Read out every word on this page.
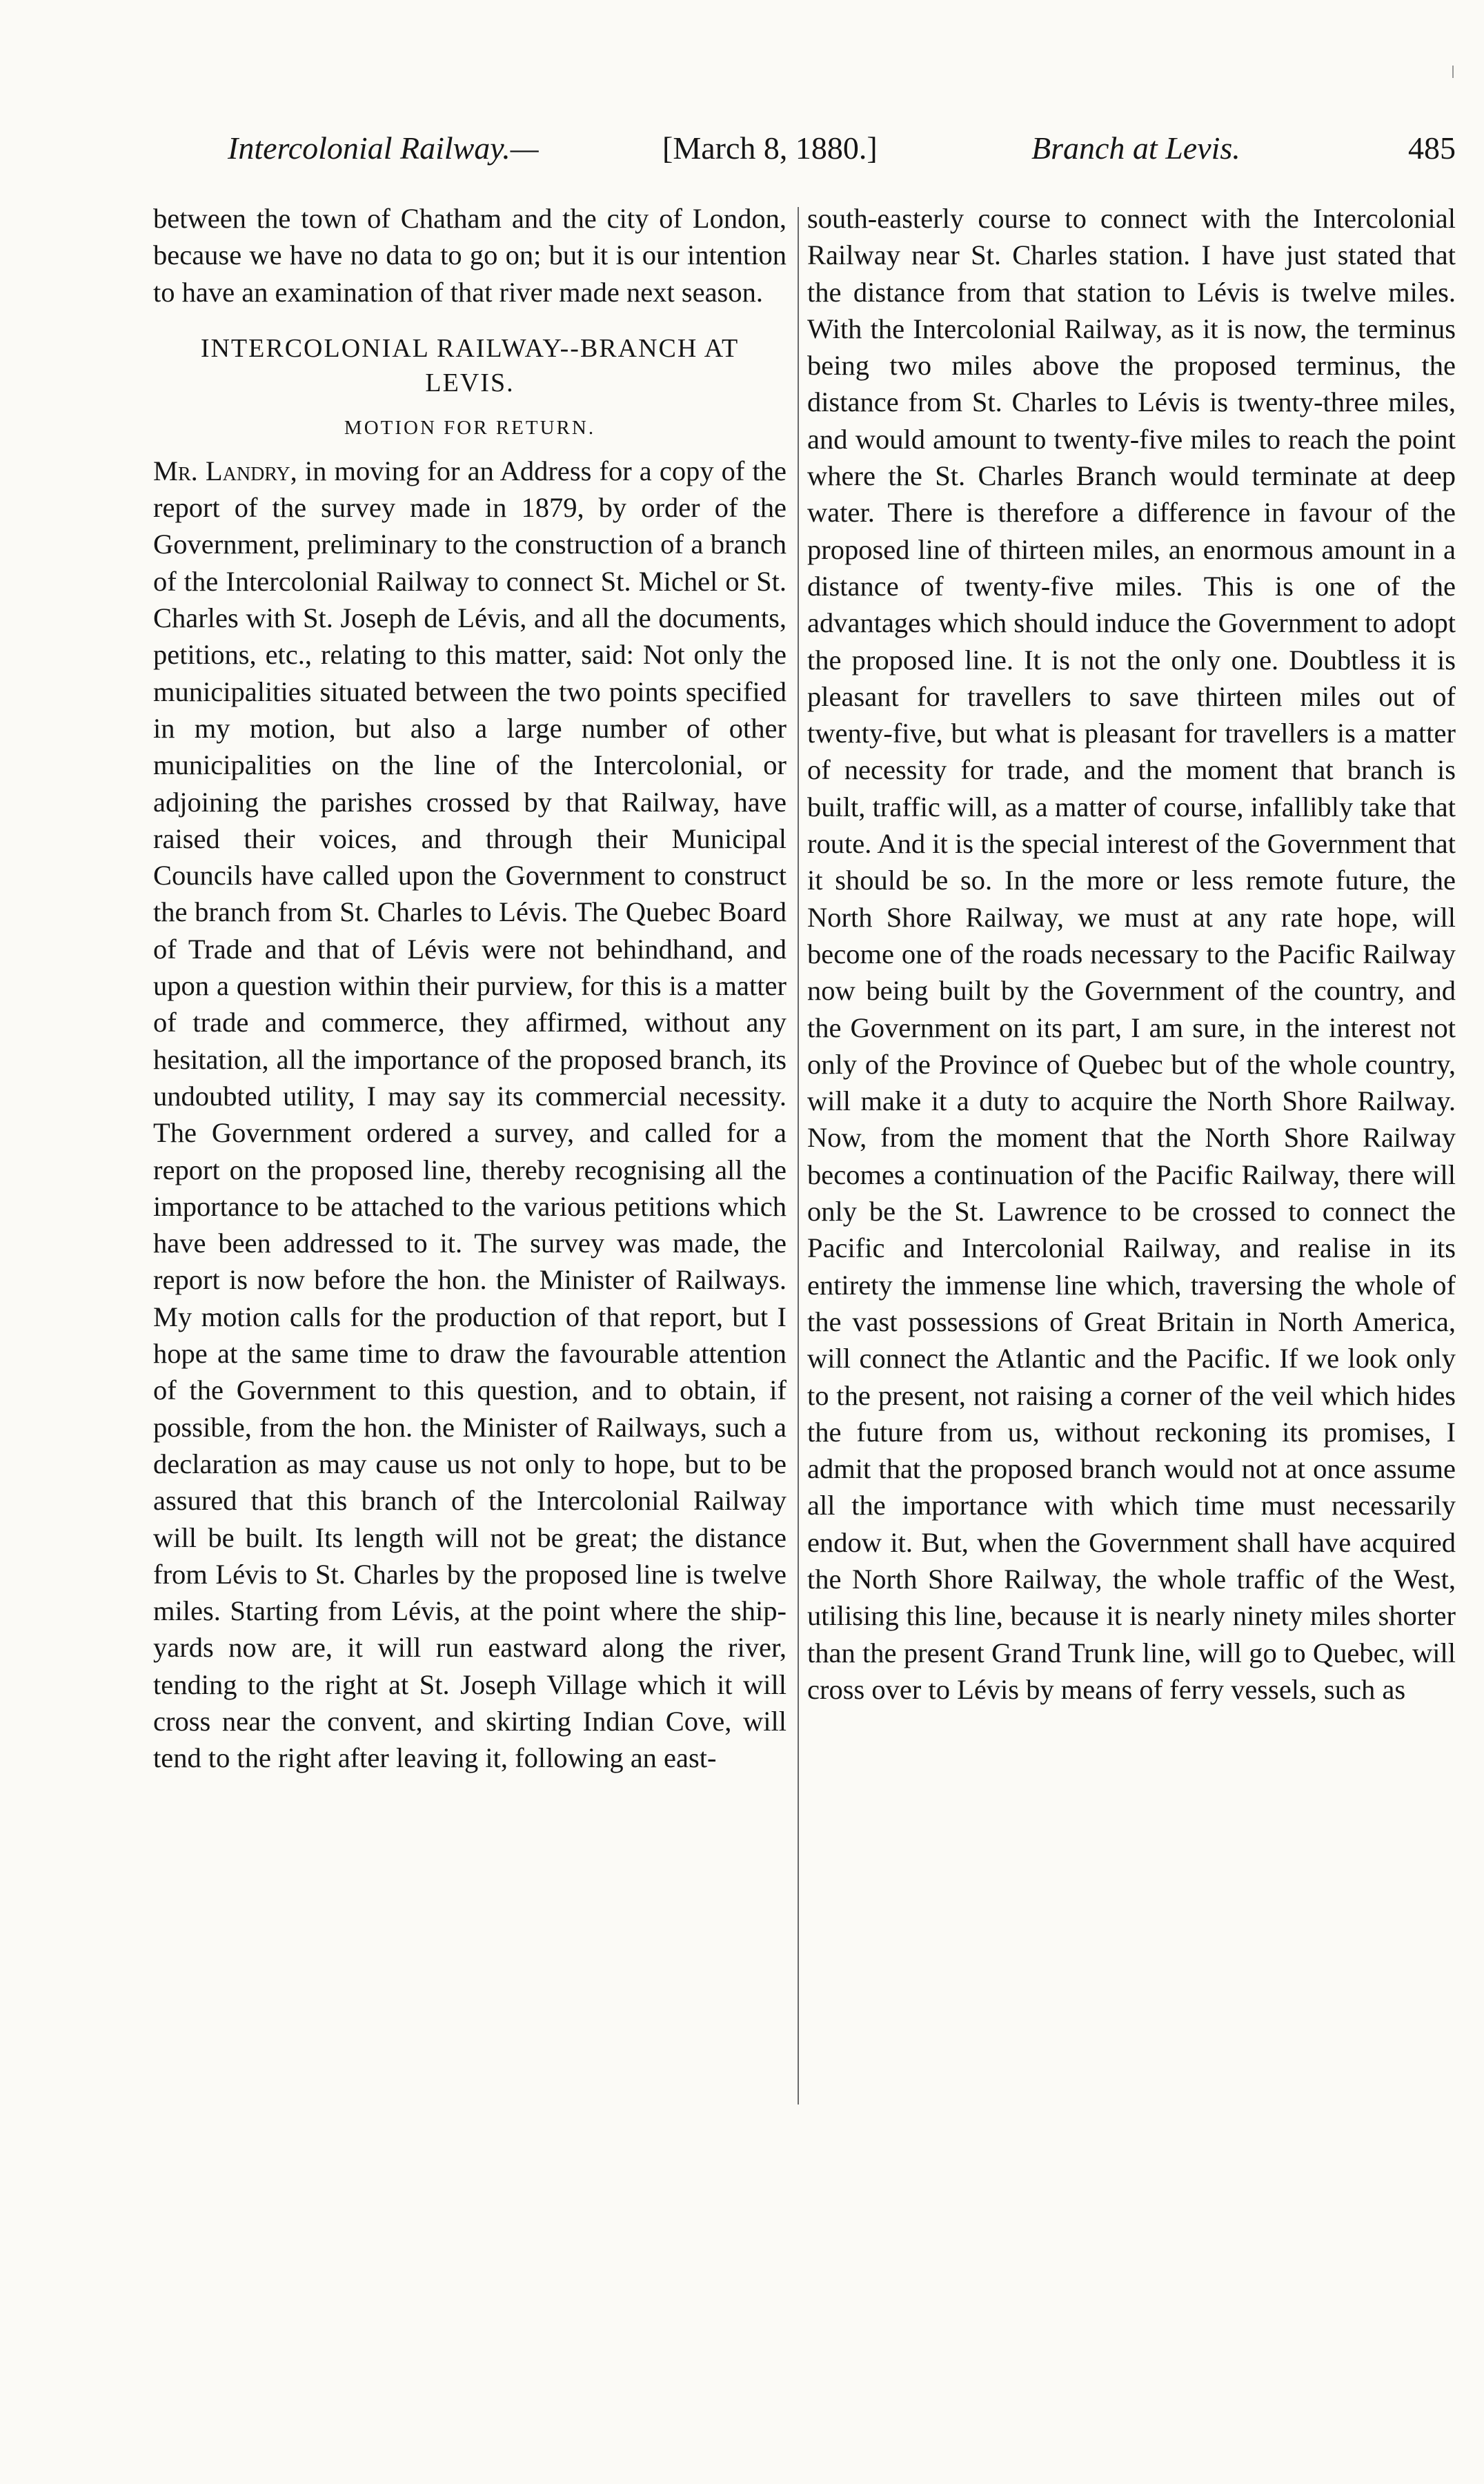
Intercolonial Railway.—	[March 8, 1880.]	Branch at Levis.	485

between the town of Chatham and the city of London, because we have no data to go on; but it is our intention to have an examination of that river made next season.

INTERCOLONIAL RAILWAY--BRANCH AT LEVIS.
MOTION FOR RETURN.

Mr. Landry, in moving for an Address for a copy of the report of the survey made in 1879, by order of the Government, preliminary to the construction of a branch of the Intercolonial Railway to connect St. Michel or St. Charles with St. Joseph de Lévis, and all the documents, petitions, etc., relating to this matter, said: Not only the municipalities situated between the two points specified in my motion, but also a large number of other municipalities on the line of the Intercolonial, or adjoining the parishes crossed by that Railway, have raised their voices, and through their Municipal Councils have called upon the Government to construct the branch from St. Charles to Lévis. The Quebec Board of Trade and that of Lévis were not behindhand, and upon a question within their purview, for this is a matter of trade and commerce, they affirmed, without any hesitation, all the importance of the proposed branch, its undoubted utility, I may say its commercial necessity. The Government ordered a survey, and called for a report on the proposed line, thereby recognising all the importance to be attached to the various petitions which have been addressed to it. The survey was made, the report is now before the hon. the Minister of Railways. My motion calls for the production of that report, but I hope at the same time to draw the favourable attention of the Government to this question, and to obtain, if possible, from the hon. the Minister of Railways, such a declaration as may cause us not only to hope, but to be assured that this branch of the Intercolonial Railway will be built. Its length will not be great; the distance from Lévis to St. Charles by the proposed line is twelve miles. Starting from Lévis, at the point where the ship-yards now are, it will run eastward along the river, tending to the right at St. Joseph Village which it will cross near the convent, and skirting Indian Cove, will tend to the right after leaving it, following an east-

south-easterly course to connect with the Intercolonial Railway near St. Charles station. I have just stated that the distance from that station to Lévis is twelve miles. With the Intercolonial Railway, as it is now, the terminus being two miles above the proposed terminus, the distance from St. Charles to Lévis is twenty-three miles, and would amount to twenty-five miles to reach the point where the St. Charles Branch would terminate at deep water. There is therefore a difference in favour of the proposed line of thirteen miles, an enormous amount in a distance of twenty-five miles. This is one of the advantages which should induce the Government to adopt the proposed line. It is not the only one. Doubtless it is pleasant for travellers to save thirteen miles out of twenty-five, but what is pleasant for travellers is a matter of necessity for trade, and the moment that branch is built, traffic will, as a matter of course, infallibly take that route. And it is the special interest of the Government that it should be so. In the more or less remote future, the North Shore Railway, we must at any rate hope, will become one of the roads necessary to the Pacific Railway now being built by the Government of the country, and the Government on its part, I am sure, in the interest not only of the Province of Quebec but of the whole country, will make it a duty to acquire the North Shore Railway. Now, from the moment that the North Shore Railway becomes a continuation of the Pacific Railway, there will only be the St. Lawrence to be crossed to connect the Pacific and Intercolonial Railway, and realise in its entirety the immense line which, traversing the whole of the vast possessions of Great Britain in North America, will connect the Atlantic and the Pacific. If we look only to the present, not raising a corner of the veil which hides the future from us, without reckoning its promises, I admit that the proposed branch would not at once assume all the importance with which time must necessarily endow it. But, when the Government shall have acquired the North Shore Railway, the whole traffic of the West, utilising this line, because it is nearly ninety miles shorter than the present Grand Trunk line, will go to Quebec, will cross over to Lévis by means of ferry vessels, such as
